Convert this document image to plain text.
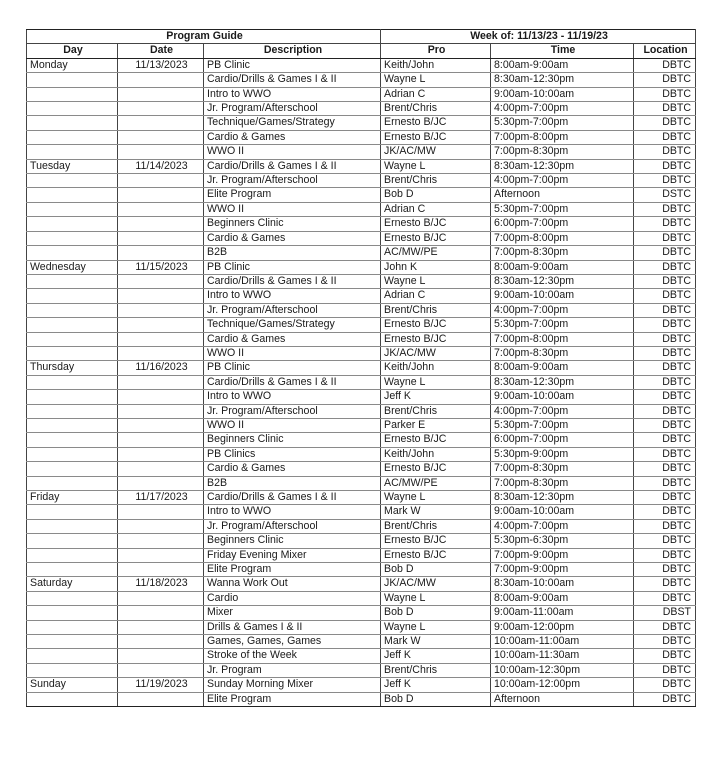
Program Guide			Week of: 11/13/23 - 11/19/23		
Day	Date	Description	Pro	Time	Location
Monday	11/13/2023	PB Clinic	Keith/John	8:00am-9:00am	DBTC
		Cardio/Drills & Games I & II	Wayne L	8:30am-12:30pm	DBTC
		Intro to WWO	Adrian C	9:00am-10:00am	DBTC
		Jr. Program/Afterschool	Brent/Chris	4:00pm-7:00pm	DBTC
		Technique/Games/Strategy	Ernesto B/JC	5:30pm-7:00pm	DBTC
		Cardio & Games	Ernesto B/JC	7:00pm-8:00pm	DBTC
		WWO II	JK/AC/MW	7:00pm-8:30pm	DBTC
Tuesday	11/14/2023	Cardio/Drills & Games I & II	Wayne L	8:30am-12:30pm	DBTC
		Jr. Program/Afterschool	Brent/Chris	4:00pm-7:00pm	DBTC
		Elite Program	Bob D	Afternoon	DSTC
		WWO II	Adrian C	5:30pm-7:00pm	DBTC
		Beginners Clinic	Ernesto B/JC	6:00pm-7:00pm	DBTC
		Cardio & Games	Ernesto B/JC	7:00pm-8:00pm	DBTC
		B2B	AC/MW/PE	7:00pm-8:30pm	DBTC
Wednesday	11/15/2023	PB Clinic	John K	8:00am-9:00am	DBTC
		Cardio/Drills & Games I & II	Wayne L	8:30am-12:30pm	DBTC
		Intro to WWO	Adrian C	9:00am-10:00am	DBTC
		Jr. Program/Afterschool	Brent/Chris	4:00pm-7:00pm	DBTC
		Technique/Games/Strategy	Ernesto B/JC	5:30pm-7:00pm	DBTC
		Cardio & Games	Ernesto B/JC	7:00pm-8:00pm	DBTC
		WWO II	JK/AC/MW	7:00pm-8:30pm	DBTC
Thursday	11/16/2023	PB Clinic	Keith/John	8:00am-9:00am	DBTC
		Cardio/Drills & Games I & II	Wayne L	8:30am-12:30pm	DBTC
		Intro to WWO	Jeff K	9:00am-10:00am	DBTC
		Jr. Program/Afterschool	Brent/Chris	4:00pm-7:00pm	DBTC
		WWO II	Parker E	5:30pm-7:00pm	DBTC
		Beginners Clinic	Ernesto B/JC	6:00pm-7:00pm	DBTC
		PB Clinics	Keith/John	5:30pm-9:00pm	DBTC
		Cardio & Games	Ernesto B/JC	7:00pm-8:30pm	DBTC
		B2B	AC/MW/PE	7:00pm-8:30pm	DBTC
Friday	11/17/2023	Cardio/Drills & Games I & II	Wayne L	8:30am-12:30pm	DBTC
		Intro to WWO	Mark W	9:00am-10:00am	DBTC
		Jr. Program/Afterschool	Brent/Chris	4:00pm-7:00pm	DBTC
		Beginners Clinic	Ernesto B/JC	5:30pm-6:30pm	DBTC
		Friday Evening Mixer	Ernesto B/JC	7:00pm-9:00pm	DBTC
		Elite Program	Bob D	7:00pm-9:00pm	DBTC
Saturday	11/18/2023	Wanna Work Out	JK/AC/MW	8:30am-10:00am	DBTC
		Cardio	Wayne L	8:00am-9:00am	DBTC
		Mixer	Bob D	9:00am-11:00am	DBST
		Drills & Games I & II	Wayne L	9:00am-12:00pm	DBTC
		Games, Games, Games	Mark W	10:00am-11:00am	DBTC
		Stroke of the Week	Jeff K	10:00am-11:30am	DBTC
		Jr. Program	Brent/Chris	10:00am-12:30pm	DBTC
Sunday	11/19/2023	Sunday Morning Mixer	Jeff K	10:00am-12:00pm	DBTC
		Elite Program	Bob D	Afternoon	DBTC
